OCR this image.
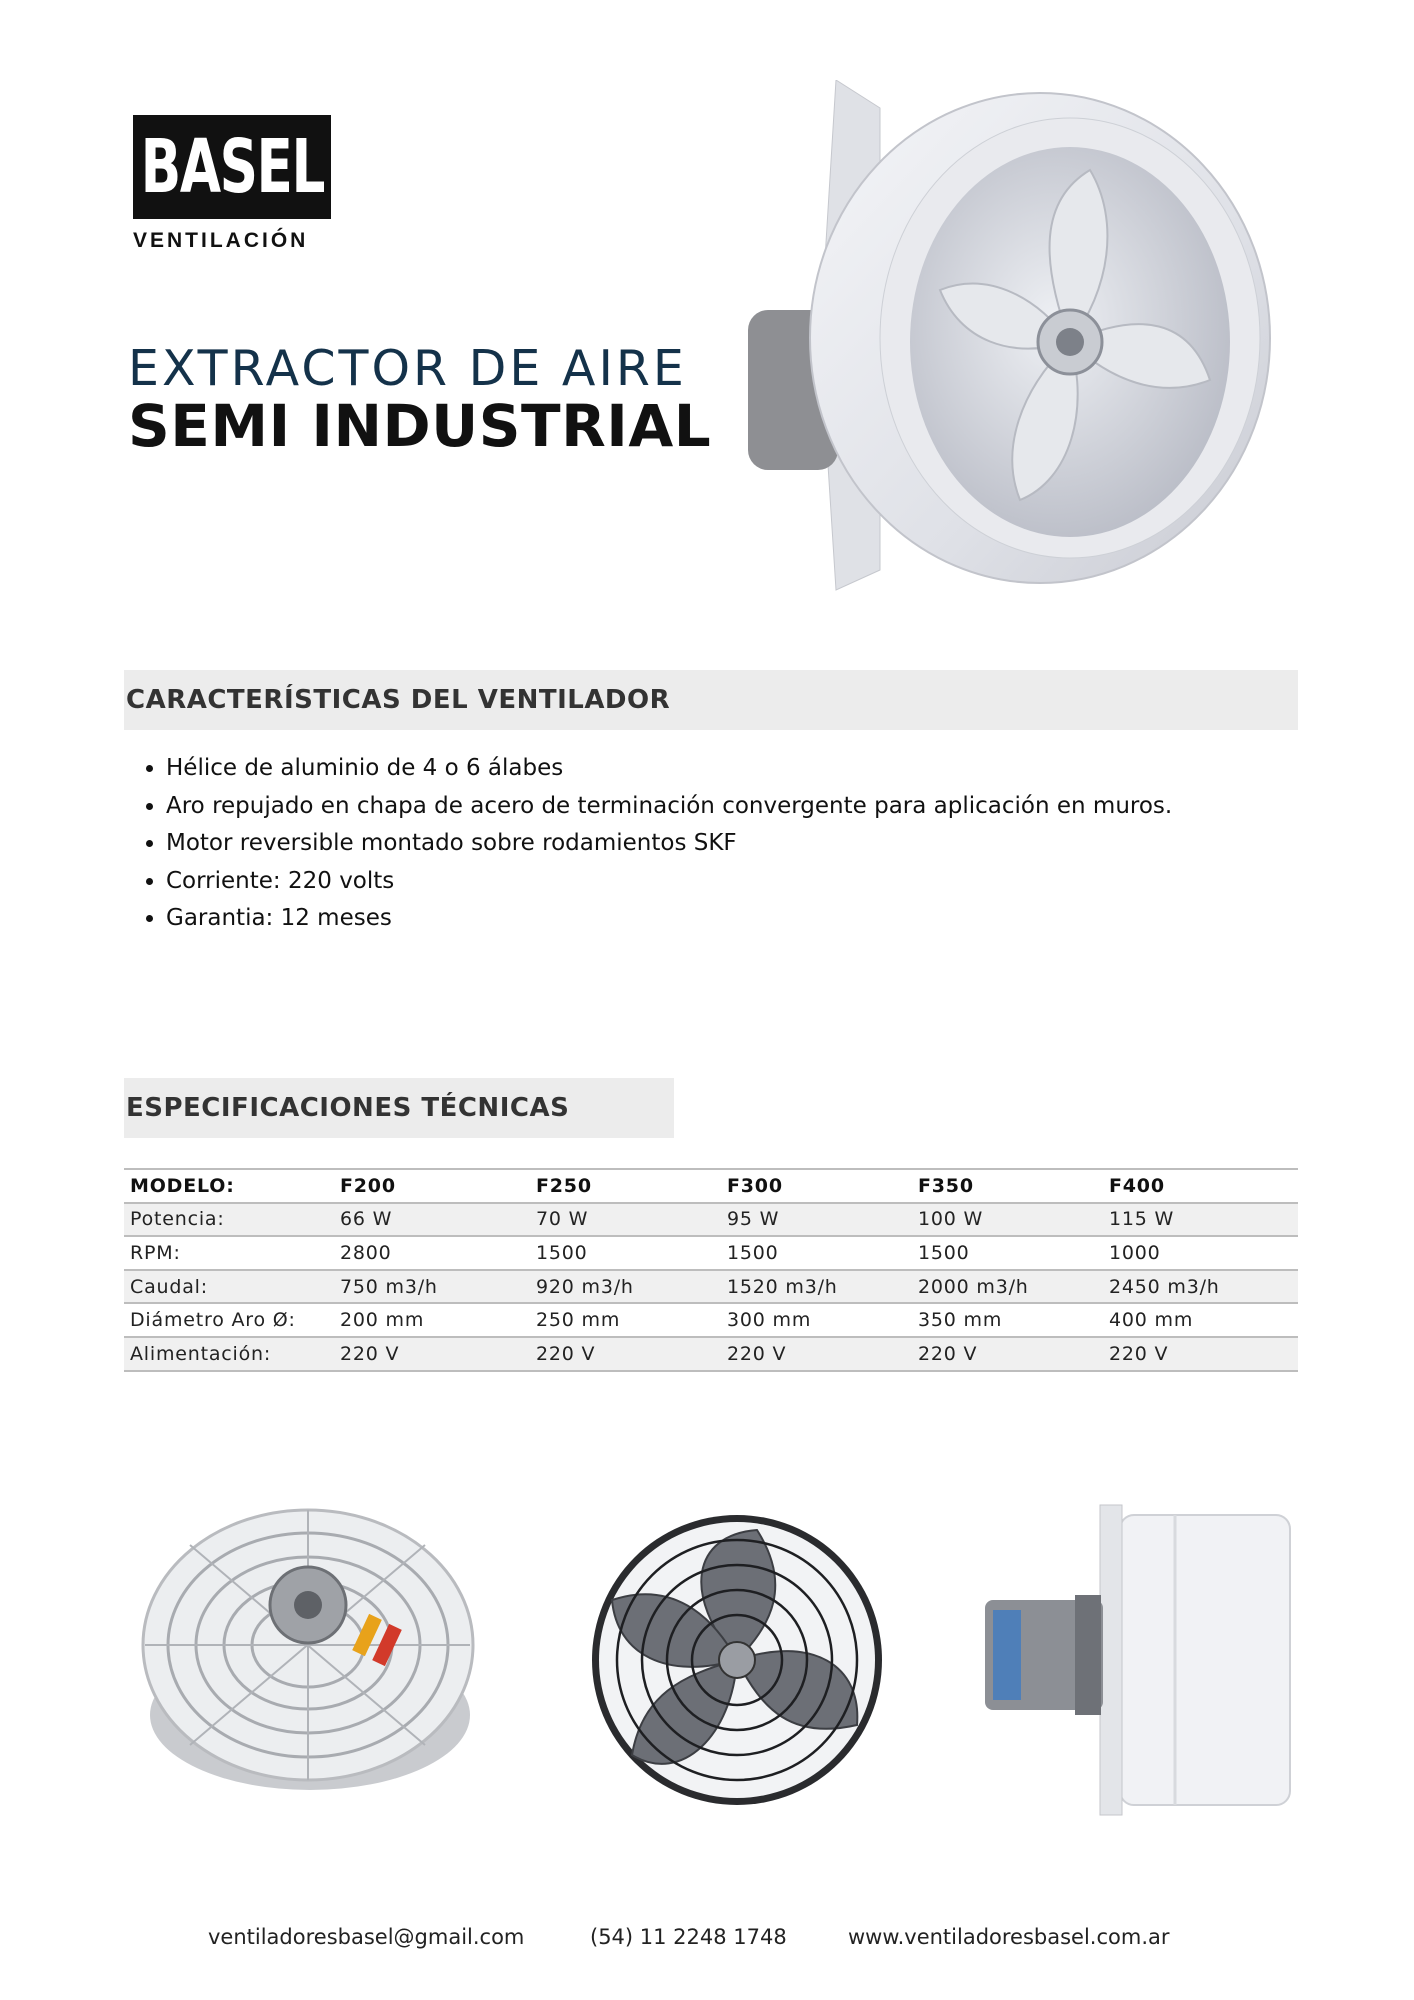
BASEL
VENTILACIÓN
EXTRACTOR DE AIRE
SEMI INDUSTRIAL
CARACTERÍSTICAS DEL VENTILADOR
• Hélice de aluminio de 4 o 6 álabes
• Aro repujado en chapa de acero de terminación convergente para aplicación en muros.
• Motor reversible montado sobre rodamientos SKF
• Corriente: 220 volts
• Garantia: 12 meses
ESPECIFICACIONES TÉCNICAS
MODELO:	F200	F250	F300	F350	F400
Potencia:	66 W	70 W	95 W	100 W	115 W
RPM:	2800	1500	1500	1500	1000
Caudal:	750 m3/h	920 m3/h	1520 m3/h	2000 m3/h	2450 m3/h
Diámetro Aro Ø:	200 mm	250 mm	300 mm	350 mm	400 mm
Alimentación:	220 V	220 V	220 V	220 V	220 V
ventiladoresbasel@gmail.com	(54) 11 2248 1748	www.ventiladoresbasel.com.ar
